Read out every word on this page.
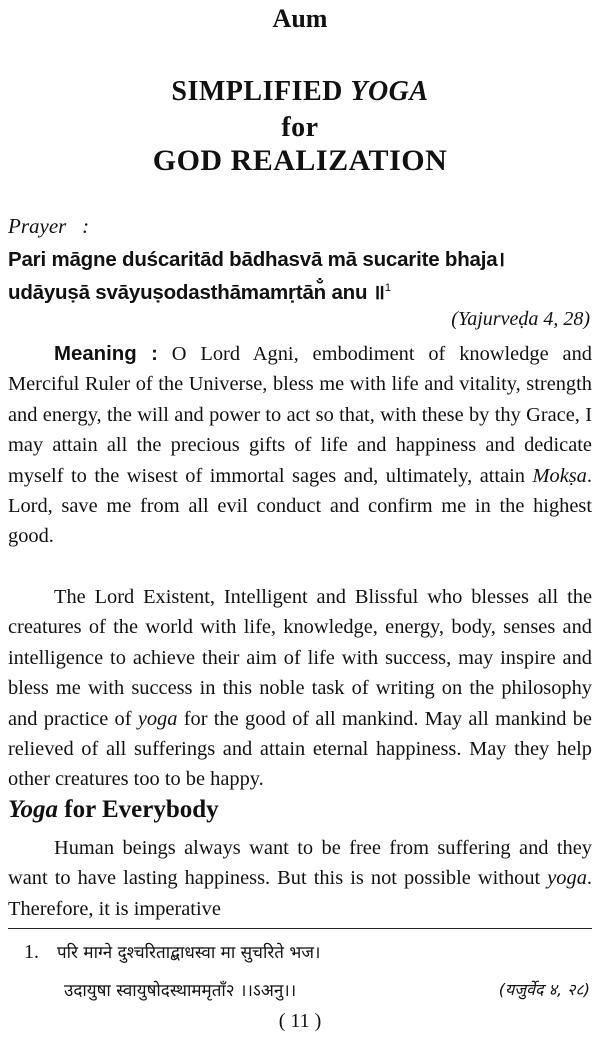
Aum
SIMPLIFIED YOGA
for
GOD REALIZATION
Prayer   :
Pari māgne duścaritād bādhasvā mā sucarite bhaja।
udāyuṣā svāyuṣodasthāmamṛtān̐ anu ॥$^1$
(Yajurveḍa 4, 28)

Meaning : O Lord Agni, embodiment of knowledge and Merciful Ruler of the Universe, bless me with life and vitality, strength and energy, the will and power to act so that, with these by thy Grace, I may attain all the precious gifts of life and happiness and dedicate myself to the wisest of immortal sages and, ultimately, attain Mokṣa. Lord, save me from all evil conduct and confirm me in the highest good.

The Lord Existent, Intelligent and Blissful who blesses all the creatures of the world with life, knowledge, energy, body, senses and intelligence to achieve their aim of life with success, may inspire and bless me with success in this noble task of writing on the philosophy and practice of yoga for the good of all mankind. May all mankind be relieved of all sufferings and attain eternal happiness. May they help other creatures too to be happy.

Yoga for Everybody

Human beings always want to be free from suffering and they want to have lasting happiness. But this is not possible without yoga. Therefore, it is imperative

1. परि माग्ने दुश्चरिताद्बाधस्वा मा सुचरिते भज।
उदायुषा स्वायुषोदस्थाममृताँ२ ।।ऽअनु।।	(यजुर्वेद ४, २८)
( 11 )
